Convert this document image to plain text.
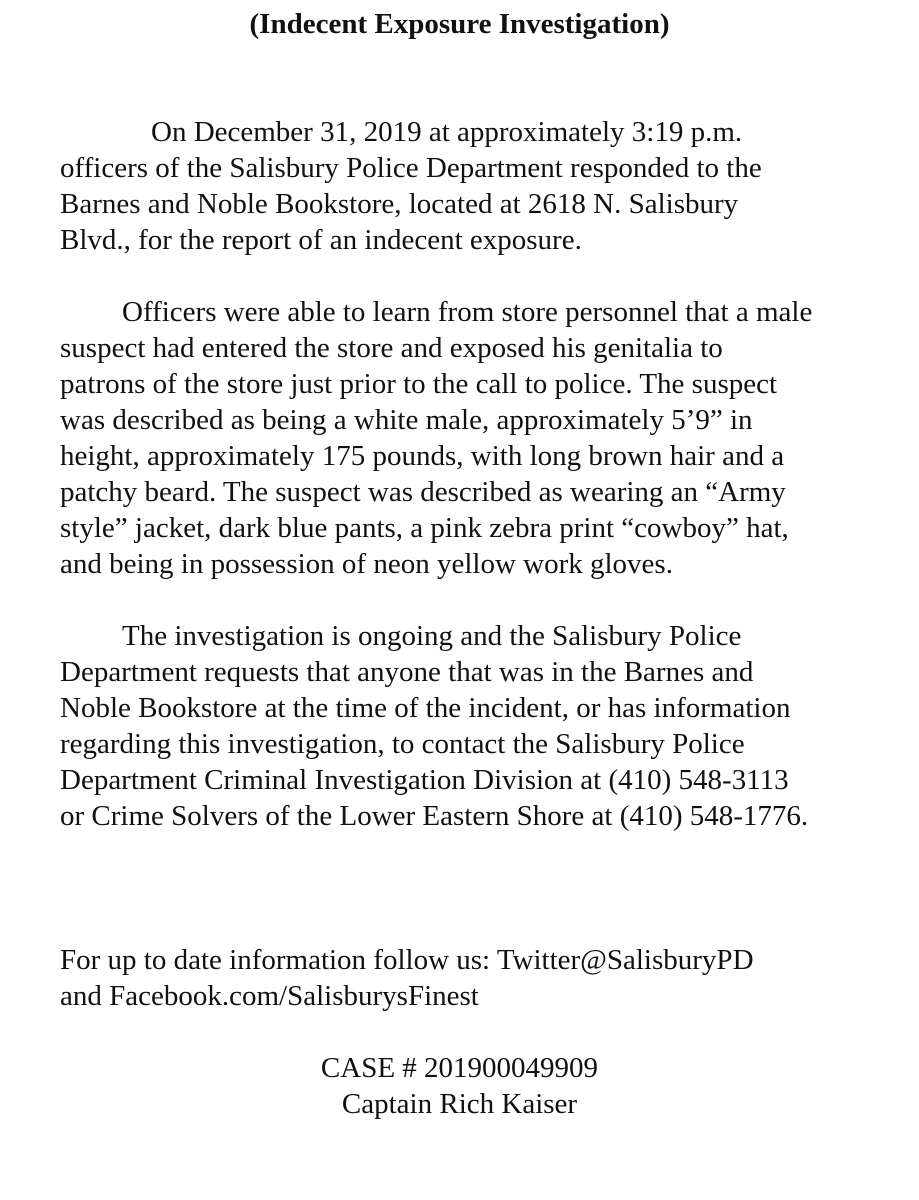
(Indecent Exposure Investigation)
On December 31, 2019 at approximately 3:19 p.m.
officers of the Salisbury Police Department responded to the
Barnes and Noble Bookstore, located at 2618 N. Salisbury
Blvd., for the report of an indecent exposure.
Officers were able to learn from store personnel that a male
suspect had entered the store and exposed his genitalia to
patrons of the store just prior to the call to police. The suspect
was described as being a white male, approximately 5’9” in
height, approximately 175 pounds, with long brown hair and a
patchy beard. The suspect was described as wearing an “Army
style” jacket, dark blue pants, a pink zebra print “cowboy” hat,
and being in possession of neon yellow work gloves.
The investigation is ongoing and the Salisbury Police
Department requests that anyone that was in the Barnes and
Noble Bookstore at the time of the incident, or has information
regarding this investigation, to contact the Salisbury Police
Department Criminal Investigation Division at (410) 548-3113
or Crime Solvers of the Lower Eastern Shore at (410) 548-1776.
For up to date information follow us: Twitter@SalisburyPD
and Facebook.com/SalisburysFinest
CASE # 201900049909
Captain Rich Kaiser
